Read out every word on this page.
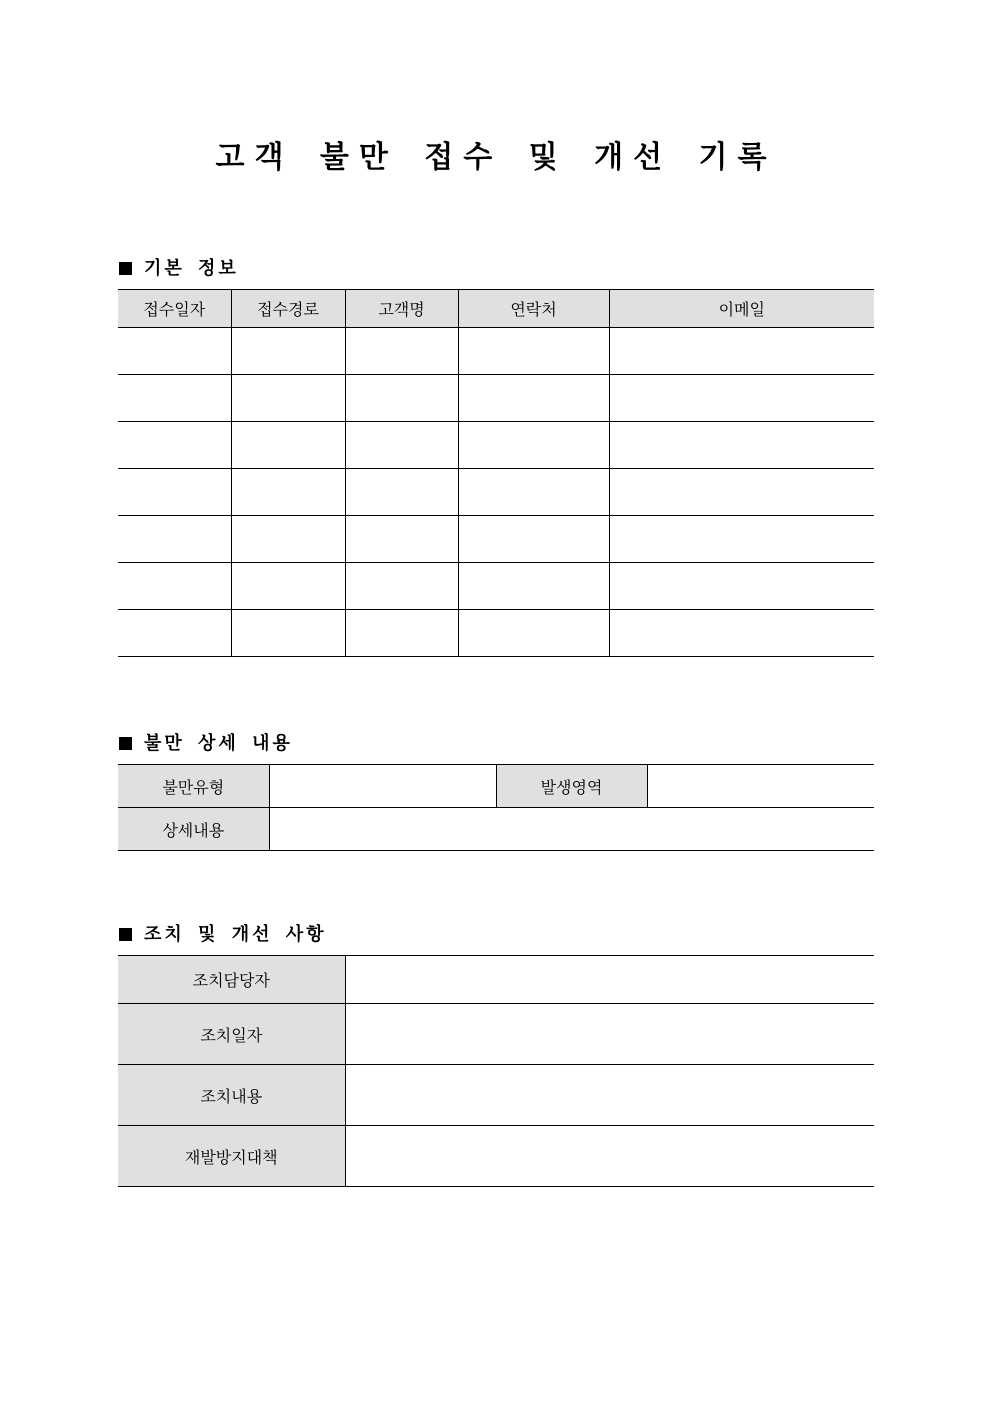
고객 불만 접수 및 개선 기록
기본 정보
접수일자	접수경로	고객명	연락처	이메일

불만 상세 내용
불만유형		발생영역	
상세내용			
조치 및 개선 사항
조치담당자	
조치일자	
조치내용	
재발방지대책	
